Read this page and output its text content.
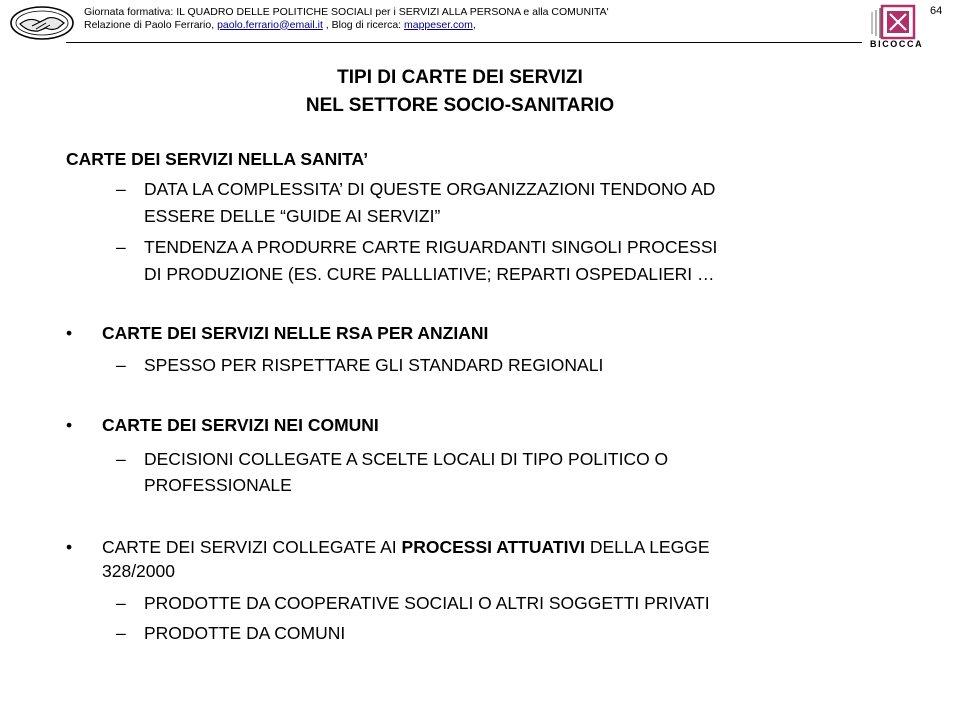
Giornata formativa: IL QUADRO DELLE POLITICHE SOCIALI per i SERVIZI ALLA PERSONA e alla COMUNITA'
Relazione di Paolo Ferrario, paolo.ferrario@email.it , Blog di ricerca: mappeser.com,
BICOCCA
64
TIPI DI CARTE DEI SERVIZI
NEL SETTORE SOCIO-SANITARIO
CARTE DEI SERVIZI NELLA SANITA’
– DATA LA COMPLESSITA’ DI QUESTE ORGANIZZAZIONI TENDONO AD
ESSERE DELLE “GUIDE AI SERVIZI”
– TENDENZA A PRODURRE CARTE RIGUARDANTI SINGOLI PROCESSI
DI PRODUZIONE (ES. CURE PALLLIATIVE; REPARTI OSPEDALIERI …
• CARTE DEI SERVIZI NELLE RSA PER ANZIANI
– SPESSO PER RISPETTARE GLI STANDARD REGIONALI
• CARTE DEI SERVIZI NEI COMUNI
– DECISIONI COLLEGATE A SCELTE LOCALI DI TIPO POLITICO O
PROFESSIONALE
• CARTE DEI SERVIZI COLLEGATE AI PROCESSI ATTUATIVI DELLA LEGGE
328/2000
– PRODOTTE DA COOPERATIVE SOCIALI O ALTRI SOGGETTI PRIVATI
– PRODOTTE DA COMUNI
